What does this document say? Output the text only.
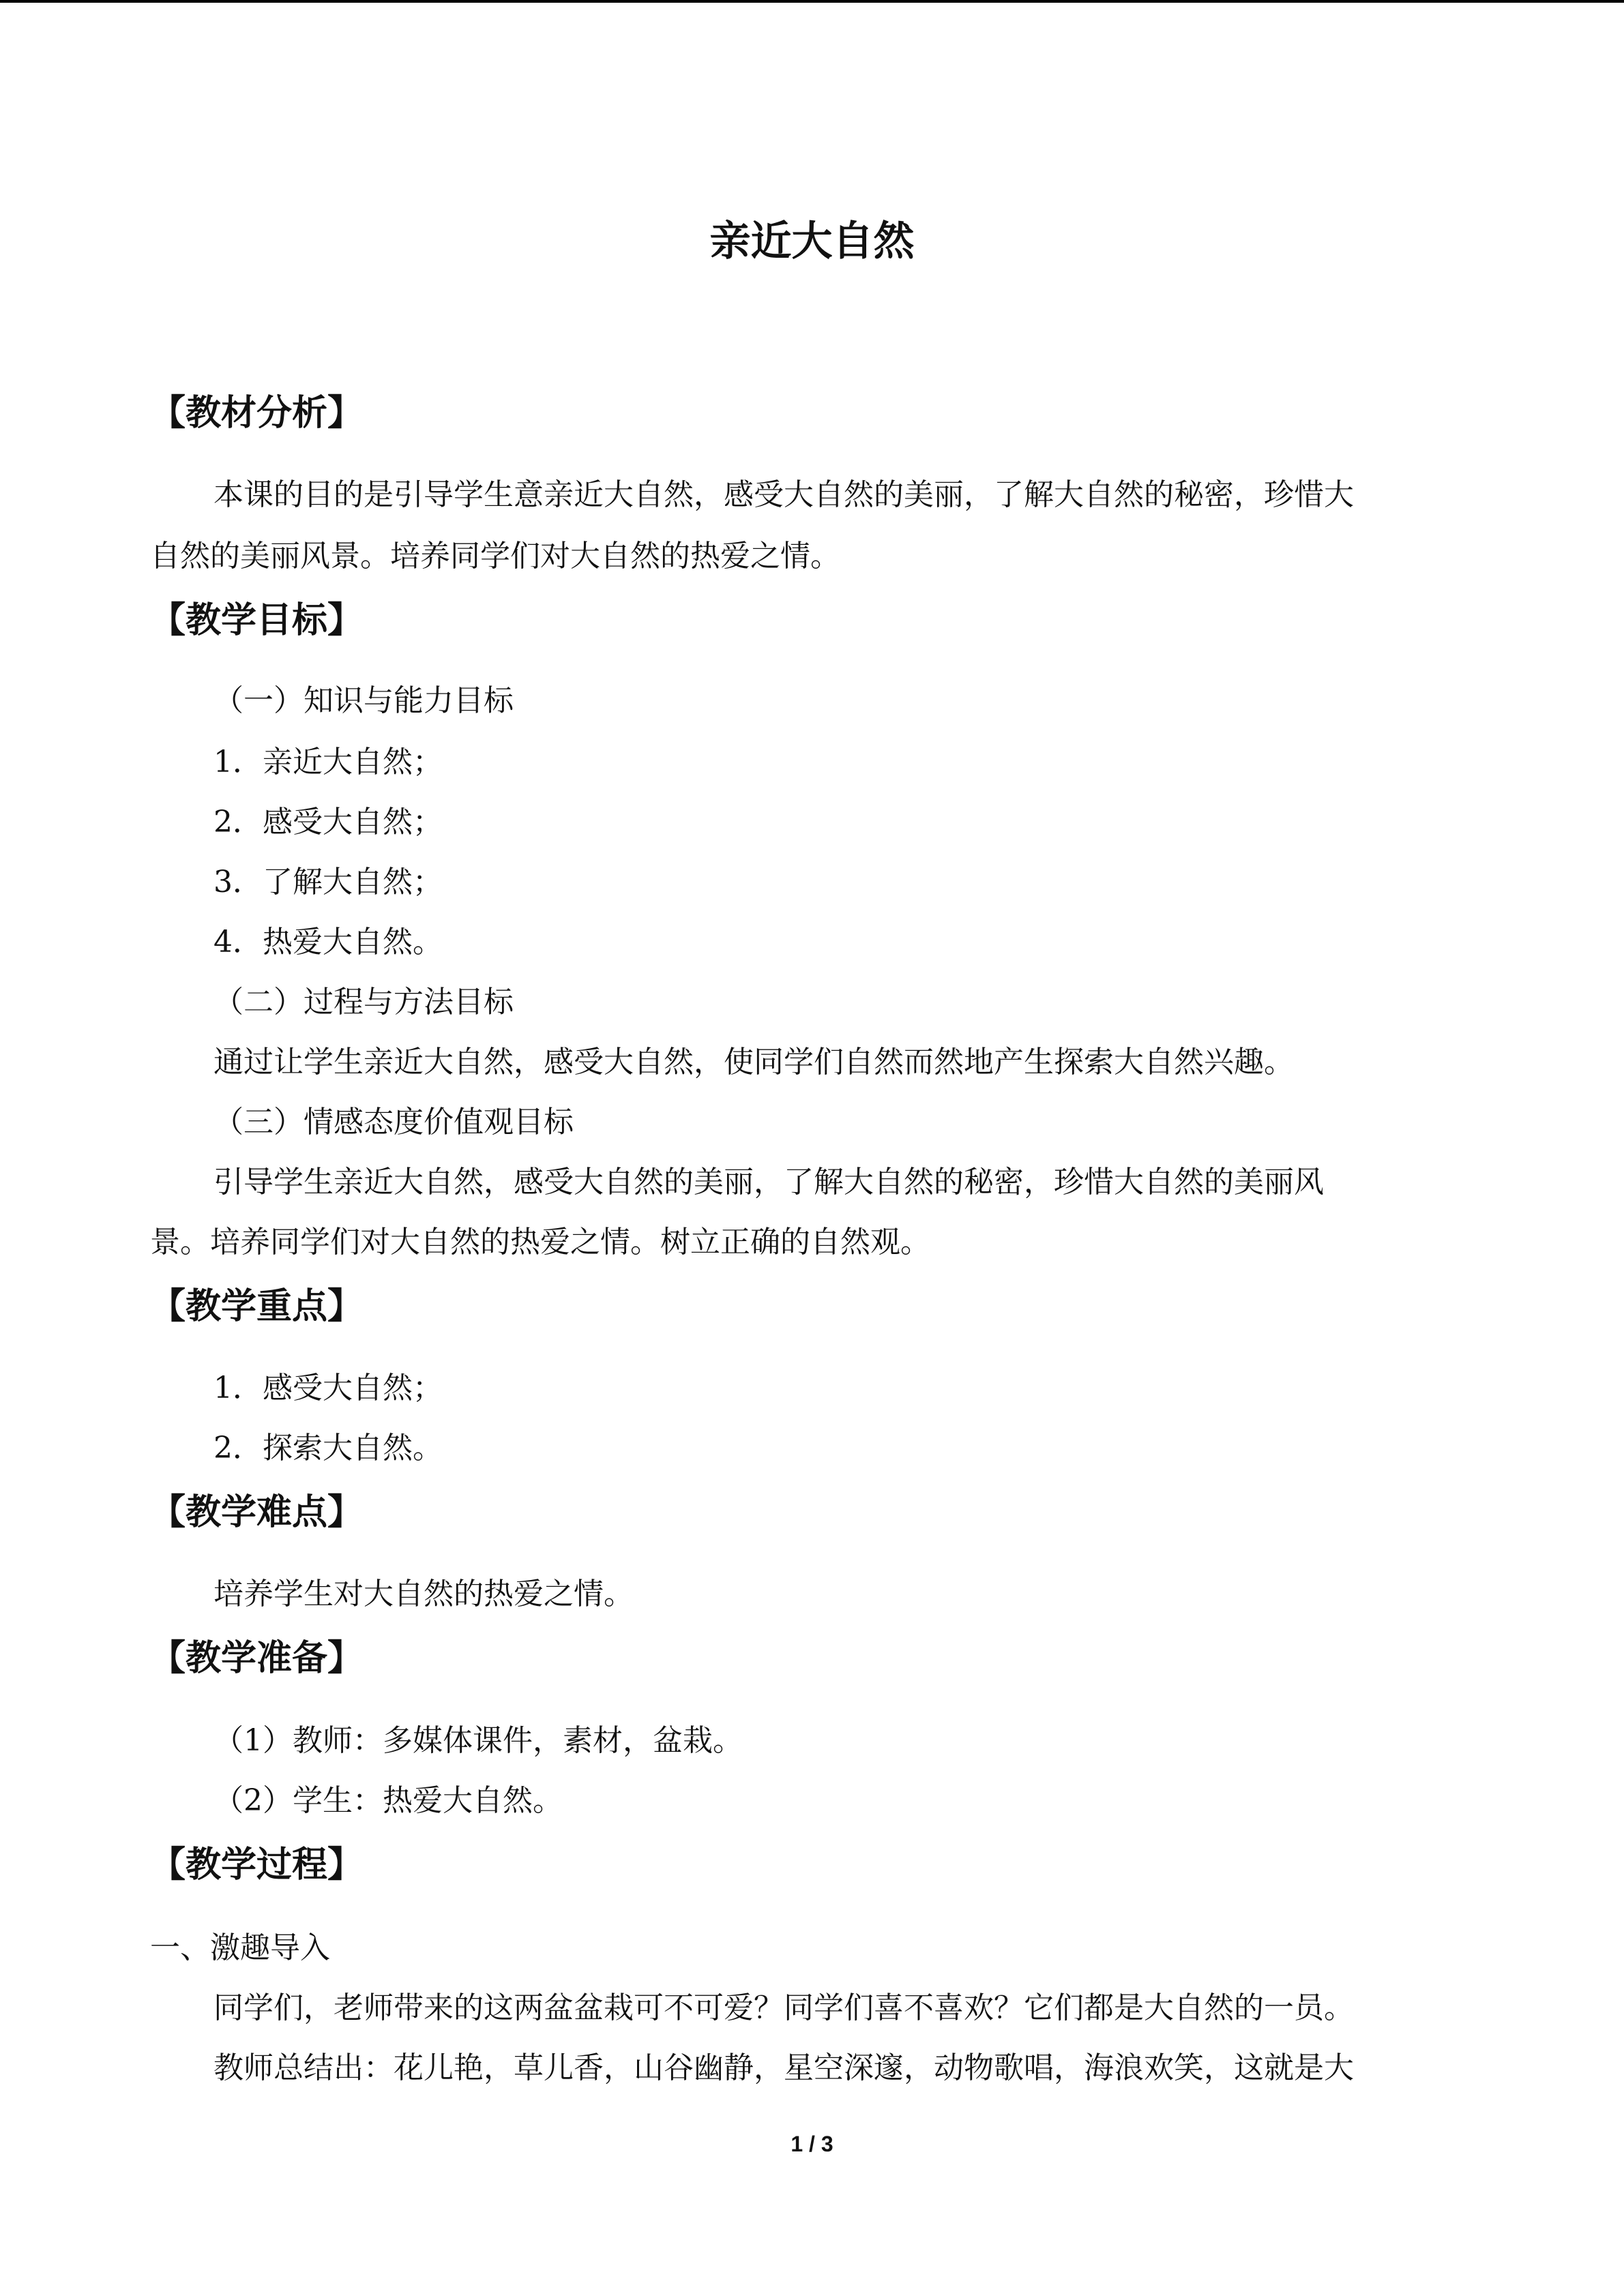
亲近大自然
【教材分析】
本课的目的是引导学生意亲近大自然，感受大自然的美丽，了解大自然的秘密，珍惜大
自然的美丽风景。培养同学们对大自然的热爱之情。
【教学目标】
（一）知识与能力目标
1．亲近大自然；
2．感受大自然；
3．了解大自然；
4．热爱大自然。
（二）过程与方法目标
通过让学生亲近大自然，感受大自然，使同学们自然而然地产生探索大自然兴趣。
（三）情感态度价值观目标
引导学生亲近大自然，感受大自然的美丽，了解大自然的秘密，珍惜大自然的美丽风
景。培养同学们对大自然的热爱之情。树立正确的自然观。
【教学重点】
1．感受大自然；
2．探索大自然。
【教学难点】
培养学生对大自然的热爱之情。
【教学准备】
（1）教师：多媒体课件，素材，盆栽。
（2）学生：热爱大自然。
【教学过程】
一、激趣导入
同学们，老师带来的这两盆盆栽可不可爱？同学们喜不喜欢？它们都是大自然的一员。
教师总结出：花儿艳，草儿香，山谷幽静，星空深邃，动物歌唱，海浪欢笑，这就是大
1 / 3
